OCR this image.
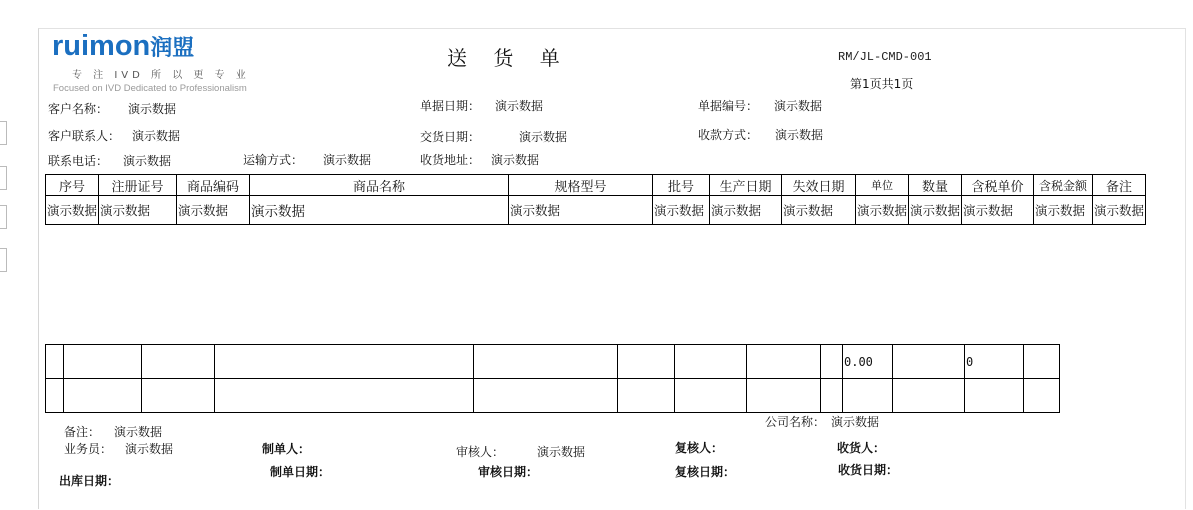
ruimon润盟
专 注 IVD 所 以 更 专 业
Focused on IVD Dedicated to Professionalism
送 货 单	RM/JL-CMD-001
第1页共1页
客户名称： 演示数据	单据日期： 演示数据	单据编号： 演示数据
客户联系人： 演示数据	交货日期：	演示数据	收款方式： 演示数据
联系电话： 演示数据	运输方式： 演示数据	收货地址： 演示数据
序号	注册证号	商品编码	商品名称	规格型号	批号	生产日期	失效日期	单位	数量	含税单价	含税金额	备注
演示数据	演示数据	演示数据	演示数据	演示数据	演示数据	演示数据	演示数据	演示数据	演示数据	演示数据	演示数据	演示数据
									0.00		0	

公司名称： 演示数据
备注： 演示数据
业务员： 演示数据	制单人：	审核人：	演示数据	复核人：	收货人：
出库日期：
制单日期：	审核日期：	复核日期：	收货日期：
